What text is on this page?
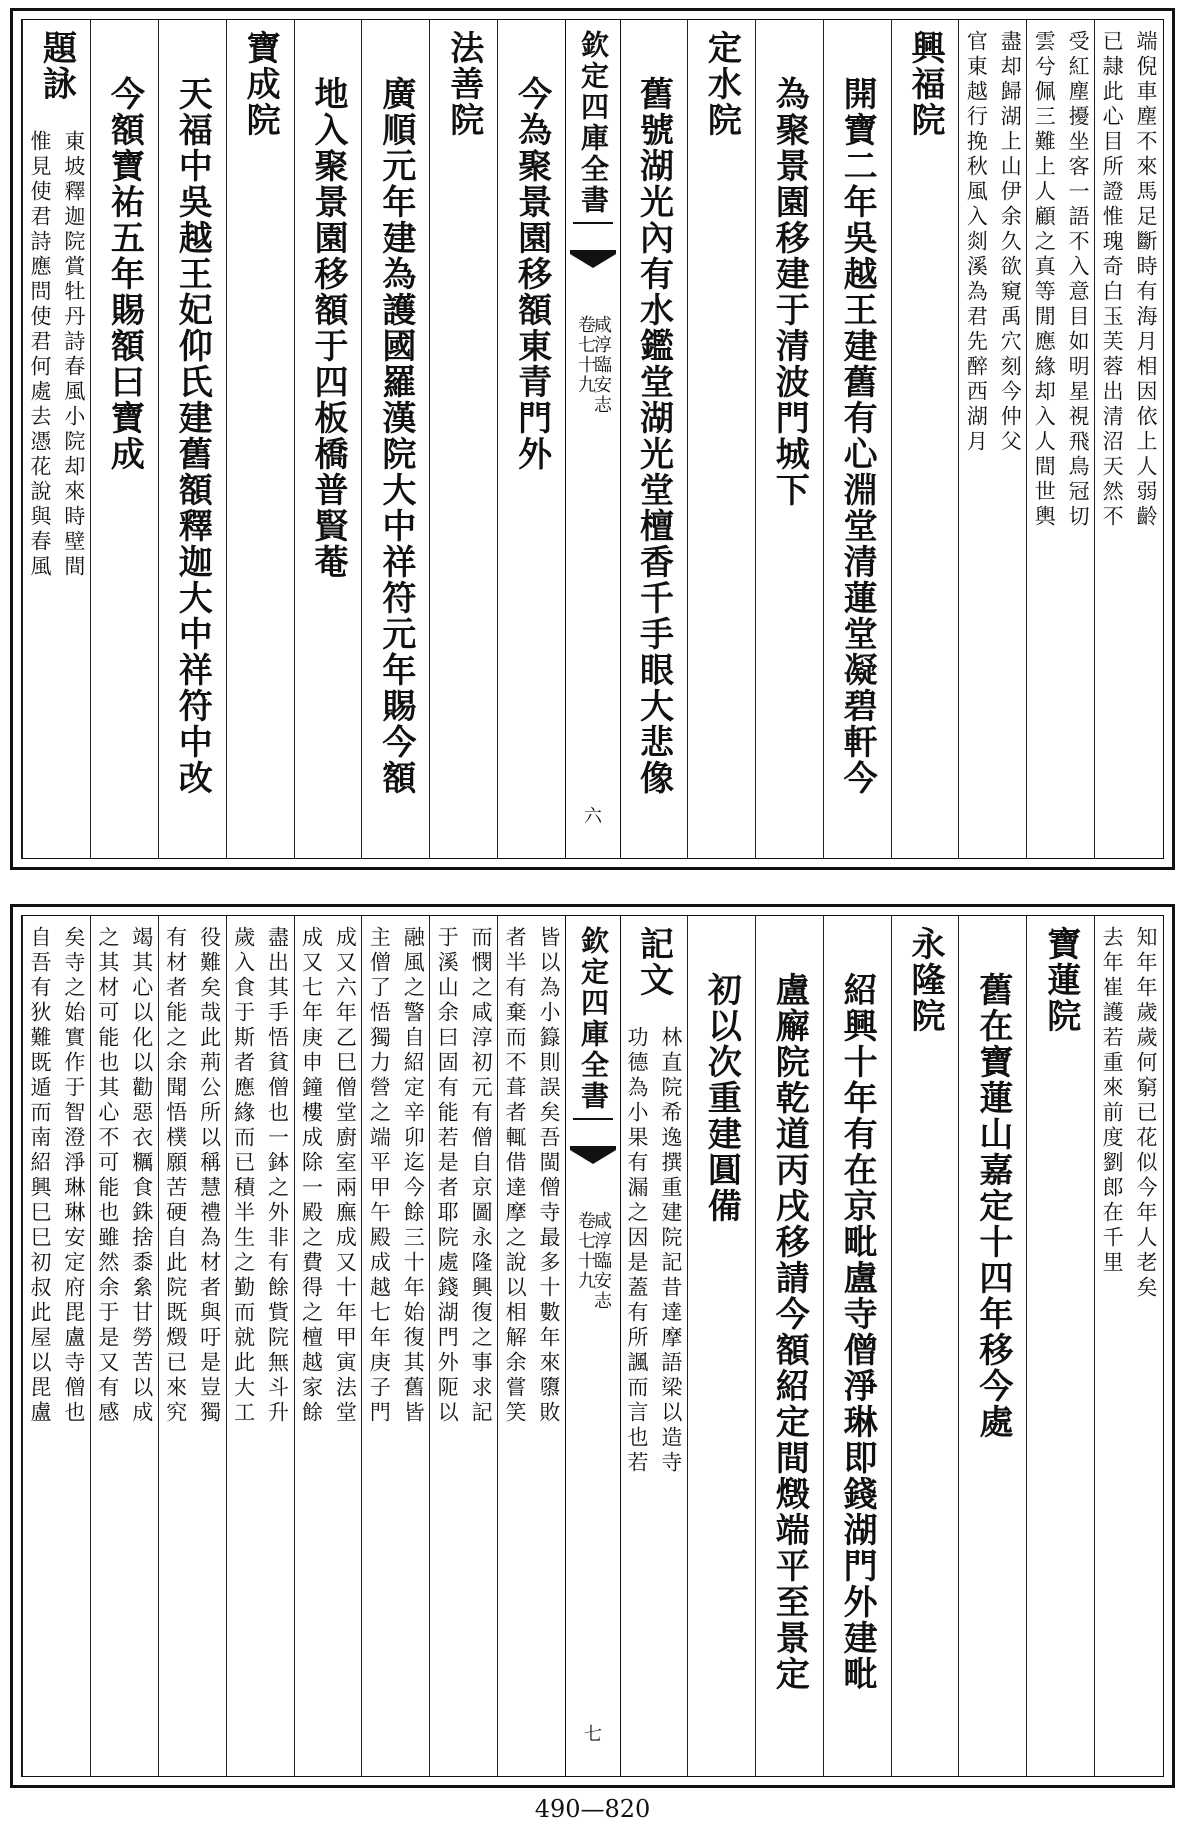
端倪車塵不來馬足斷時有海月相因依上人弱齡
已隷此心目所證惟瑰奇白玉芙蓉出清沼天然不
受紅塵擾坐客一語不入意目如明星視飛鳥冠切
雲兮佩三難上人顧之真等閒應緣却入人間世輿
盡却歸湖上山伊余久欲窺禹穴刻今仲父
官東越行挽秋風入剡溪為君先醉西湖月
興福院
開寶二年吳越王建舊有心淵堂清蓮堂凝碧軒今
為聚景園移建于清波門城下
定水院
舊號湖光內有水鑑堂湖光堂檀香千手眼大悲像
欽定四庫全書
咸淳臨安志
卷七十九
六
今為聚景園移額東青門外
法善院
廣順元年建為護國羅漢院大中祥符元年賜今額
地入聚景園移額于四板橋普賢菴
寶成院
天福中吳越王妃仰氏建舊額釋迦大中祥符中改
今額寶祐五年賜額曰寶成
題詠
東坡釋迦院賞牡丹詩春風小院却來時壁間
惟見使君詩應問使君何處去憑花說與春風
知年年歲歲何窮已花似今年人老矣
去年崔護若重來前度劉郎在千里
寶蓮院
舊在寶蓮山嘉定十四年移今處
永隆院
紹興十年有在京毗盧寺僧淨琳即錢湖門外建毗
盧廨院乾道丙戌移請今額紹定間燬端平至景定
初以次重建圓備
記文
林直院希逸撰重建院記昔達摩語梁以造寺
功德為小果有漏之因是蓋有所諷而言也若
欽定四庫全書
咸淳臨安志
卷七十九
七
皆以為小籙則誤矣吾閩僧寺最多十數年來隳敗
者半有棄而不葺者輒借達摩之說以相解余嘗笑
而憫之咸淳初元有僧自京圖永隆興復之事求記
于溪山余曰固有能若是者耶院處錢湖門外阨以
融風之警自紹定辛卯迄今餘三十年始復其舊皆
主僧了悟獨力營之端平甲午殿成越七年庚子門
成又六年乙巳僧堂廚室兩廡成又十年甲寅法堂
成又七年庚申鐘樓成除一殿之費得之檀越家餘
盡出其手悟貧僧也一鉢之外非有餘貲院無斗升
歲入食于斯者應緣而已積半生之勤而就此大工
役難矣哉此荊公所以稱慧禮為材者與吁是豈獨
有材者能之余聞悟樸願苦硬自此院既燬已來究
竭其心以化以勸惡衣糲食銖捨黍絫甘勞苦以成
之其材可能也其心不可能也雖然余于是又有感
矣寺之始實作于智澄淨琳琳安定府毘盧寺僧也
自吾有狄難既遁而南紹興巳巳初叔此屋以毘盧
490—820
